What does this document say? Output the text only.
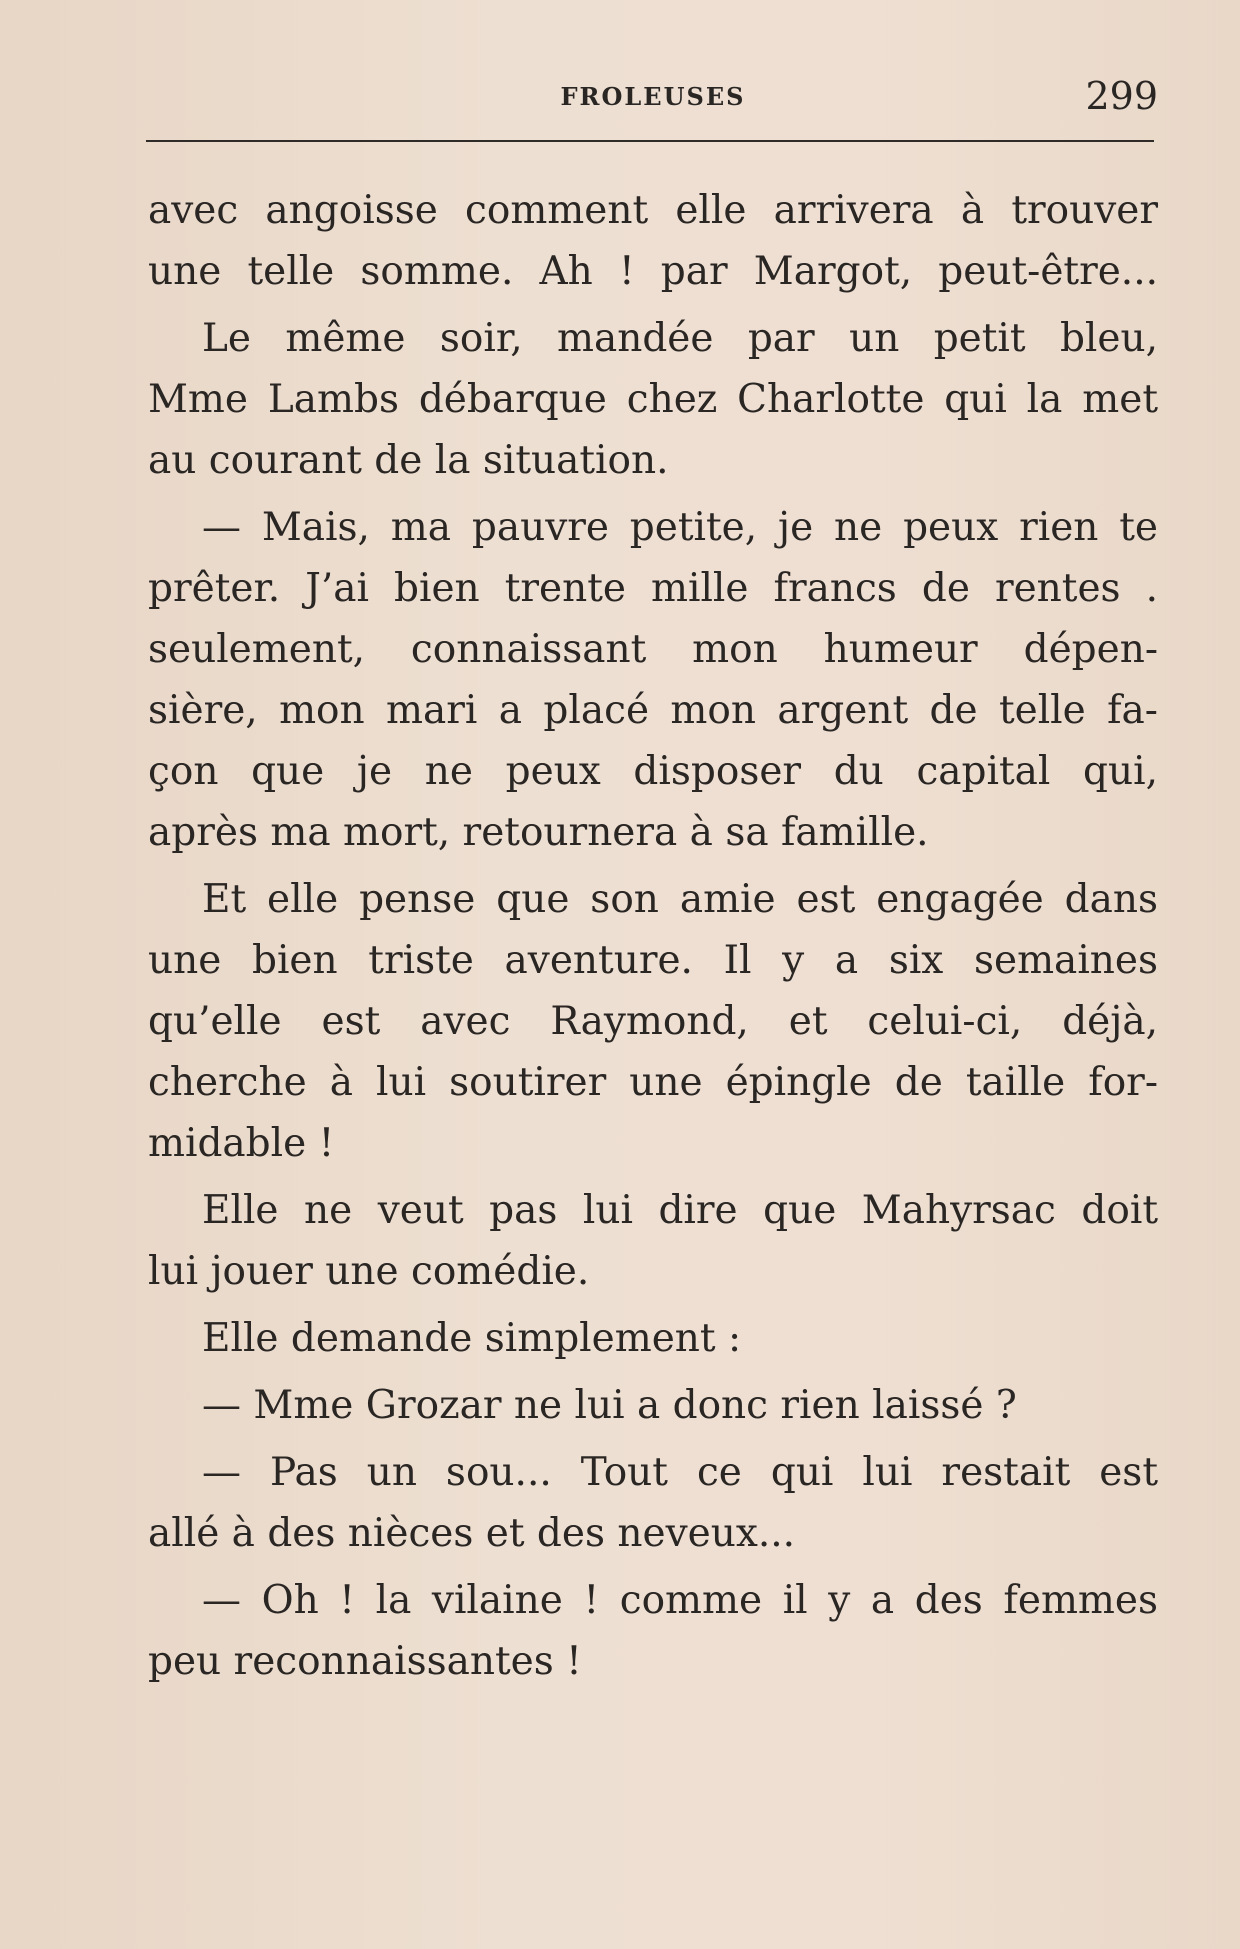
FROLEUSES	299
avec angoisse comment elle arrivera à trouver
une telle somme. Ah ! par Margot, peut-être...
Le même soir, mandée par un petit bleu,
Mme Lambs débarque chez Charlotte qui la met
au courant de la situation.
— Mais, ma pauvre petite, je ne peux rien te
prêter. J’ai bien trente mille francs de rentes .
seulement, connaissant mon humeur dépen-
sière, mon mari a placé mon argent de telle fa-
çon que je ne peux disposer du capital qui,
après ma mort, retournera à sa famille.
Et elle pense que son amie est engagée dans
une bien triste aventure. Il y a six semaines
qu’elle est avec Raymond, et celui-ci, déjà,
cherche à lui soutirer une épingle de taille for-
midable !
Elle ne veut pas lui dire que Mahyrsac doit
lui jouer une comédie.
Elle demande simplement :
— Mme Grozar ne lui a donc rien laissé ?
— Pas un sou... Tout ce qui lui restait est
allé à des nièces et des neveux...
— Oh ! la vilaine ! comme il y a des femmes
peu reconnaissantes !
